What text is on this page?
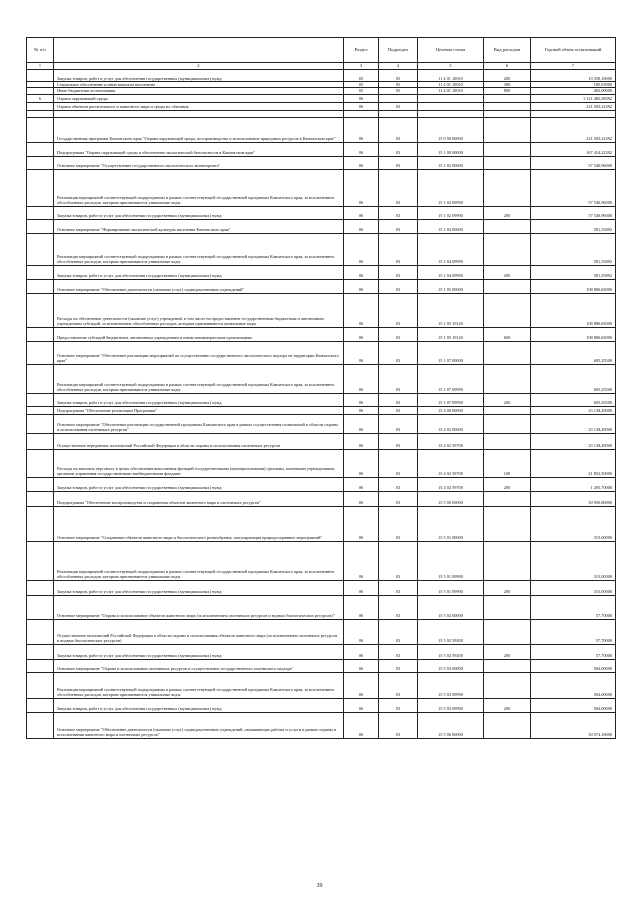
№ п/п		Раздел	Подраздел	Целевая статья	Вид расходов	Годовой объем ассигнований
1	2	3	4	5	6	7
	Закупка товаров, работ и услуг для обеспечения государственных (муниципальных) нужд	05	05	11 4 01 10010	200	10 358,10000
	Социальное обеспечение и иные выплаты населению	05	05	11 4 01 10010	300	185,03000
	Иные бюджетные ассигнования	05	05	11 4 01 10010	800	402,00000
6	Охрана окружающей среды	06				1 121 485,58392
	Охрана объектов растительного и животного мира и среды их обитания	06	03			221 503,22392

	Государственная программа Камчатского края "Охрана окружающей среды, воспроизводство и использование природных ресурсов в Камчатском крае"	06	03	15 0 00 00000		221 503,22392
	Подпрограмма "Охрана окружающей среды и обеспечение экологической безопасности в Камчатском крае"	06	03	15 1 00 00000		167 414,22392
	Основное мероприятие "Осуществление государственного экологического мониторинга"	06	03	15 1 02 00000		57 540,96000
	Реализация мероприятий соответствующей подпрограммы в рамках соответствующей государственной программы Камчатского края, за исключением обособленных расходов, которым присваиваются уникальные коды	06	03	15 1 02 09990		57 540,96000
	Закупка товаров, работ и услуг для обеспечения государственных (муниципальных) нужд	06	03	15 1 02 09990	200	57 540,96000
	Основное мероприятие "Формирование экологической культуры населения Камчатского края"	06	03	15 1 04 00000		581,35892
	Реализация мероприятий соответствующей подпрограммы в рамках соответствующей государственной программы Камчатского края, за исключением обособленных расходов, которым присваиваются уникальные коды	06	03	15 1 04 09990		581,35892
	Закупка товаров, работ и услуг для обеспечения государственных (муниципальных) нужд	06	03	15 1 04 09990	200	581,35892
	Основное мероприятие "Обеспечение деятельности (оказание услуг) подведомственных учреждений"	06	03	15 1 05 00000		108 886,65000
	Расходы на обеспечение деятельности (оказание услуг) учреждений, в том числе на предоставление государственным бюджетным и автономным учреждениям субсидий, за исключением обособленных расходов, которым присваиваются уникальные коды	06	03	15 1 05 10140		108 886,65000
	Предоставление субсидий бюджетным, автономным учреждениям и иным некоммерческим организациям	06	03	15 1 05 10140	600	108 886,65000
	Основное мероприятие "Обеспечение реализации мероприятий по осуществлению государственного экологического надзора на территории Камчатского края"	06	03	15 1 07 00000		605,25500
	Реализация мероприятий соответствующей подпрограммы в рамках соответствующей государственной программы Камчатского края, за исключением обособленных расходов, которым присваиваются уникальные коды	06	03	15 1 07 09990		605,25500
	Закупка товаров, работ и услуг для обеспечения государственных (муниципальных) нужд	06	03	15 1 07 09990	200	605,25500
	Подпрограмма "Обеспечение реализации Программы"	06	03	15 4 00 00000		23 138,20000
	Основное мероприятие "Обеспечение реализации государственной программы Камчатского края в рамках осуществления полномочий в области охраны и использования охотничьих ресурсов"	06	03	15 4 02 00000		23 138,20000
	Осуществление переданных полномочий Российской Федерации в области охраны и использования охотничьих ресурсов	06	03	15 4 02 59700		23 138,20000
	Расходы на выплаты персоналу в целях обеспечения выполнения функций государственными (муниципальными) органами, казенными учреждениями, органами управления государственными внебюджетными фондами	06	03	15 4 02 59700	100	21 852,50000
	Закупка товаров, работ и услуг для обеспечения государственных (муниципальных) нужд	06	03	15 4 02 59700	200	1 285,70000
	Подпрограмма "Обеспечение воспроизводства и сохранения объектов животного мира и охотничьих ресурсов"	06	03	15 5 00 00000		30 950,80000
	Основное мероприятие "Сохранение объектов животного мира и биологического разнообразия, популяризация природоохранных мероприятий"	06	03	15 5 01 00000		315,00000
	Реализация мероприятий соответствующей подпрограммы в рамках соответствующей государственной программы Камчатского края, за исключением обособленных расходов, которым присваиваются уникальные коды	06	03	15 5 01 09990		315,00000
	Закупка товаров, работ и услуг для обеспечения государственных (муниципальных) нужд	06	03	15 5 01 09990	200	315,00000
	Основное мероприятие "Охрана и использование объектов животного мира (за исключением охотничьих ресурсов и водных биологических ресурсов)"	06	03	15 5 02 00000		57,70000
	Осуществление полномочий Российской Федерации в области охраны и использования объектов животного мира (за исключением охотничьих ресурсов и водных биологических ресурсов)	06	03	15 5 02 59200		57,70000
	Закупка товаров, работ и услуг для обеспечения государственных (муниципальных) нужд	06	03	15 5 02 59200	200	57,70000
	Основное мероприятие "Охрана и использование охотничьих ресурсов и осуществление государственного охотничьего надзора"	06	03	15 5 03 00000		504,00000
	Реализация мероприятий соответствующей подпрограммы в рамках соответствующей государственной программы Камчатского края, за исключением обособленных расходов, которым присваиваются уникальные коды	06	03	15 5 03 09990		504,00000
	Закупка товаров, работ и услуг для обеспечения государственных (муниципальных) нужд	06	03	15 5 03 09990	200	504,00000
	Основное мероприятие "Обеспечение деятельности (оказание услуг) подведомственных учреждений, оказывающих работы и услуги в рамках охраны и использования животного мира и охотничьих ресурсов"	06	03	15 5 06 00000		30 074,10000
39
